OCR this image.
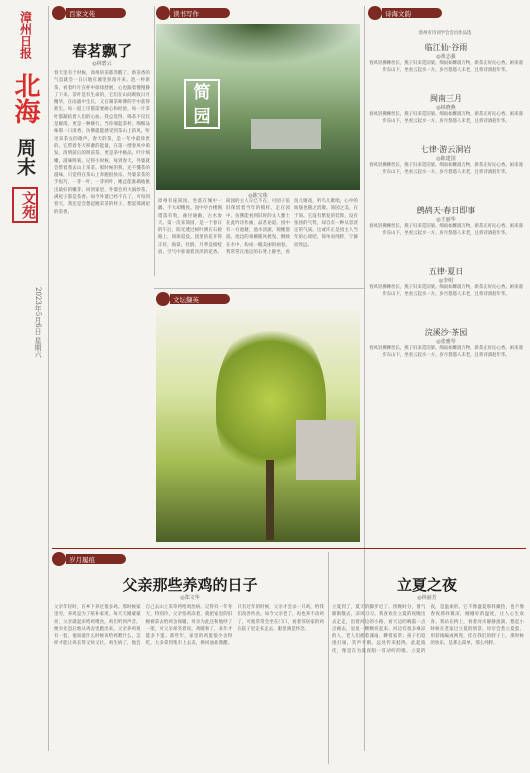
漳州日报
北海
周末
文苑
2023年5月6日 星期六
百家文苑
春茗飘了
◎林碧云
春天里有个时候，漳州的茶都苏醒了，新茶香的气息就会一日日地在城里弥漫开来。泡一杯新茶，看着叶片在杯中徐徐舒展，心也跟着慢慢静了下来。茶叶是有生命的，它们在山间吸收日月精华，在雨露中生长，又在制茶师傅的手中获得新生。每一道工序都需要耐心和经验，每一片茶叶都凝结着人们的心血。我总觉得，喝茶不仅仅是解渴，更是一种修行。当你端起茶杯，细细品味那一口清香，仿佛就能感受到茶山上的风，听见采茶女的歌声。春天的茶，是一年中最珍贵的。它带着冬天积蓄的能量，在第一缕春风中萌发。清明前后的明前茶，更是茶中极品，叶片细嫩，滋味鲜爽。记得小时候，每到春天，外婆就会带着我去山上采茶。那时候的我，还不懂茶的滋味，只觉得在茶山上奔跑很快乐。外婆采茶的手很巧，一芽一叶，一芽两叶，她总能准确地挑出最好的嫩芽。回到家里，外婆会用大锅炒茶，满屋子都是茶香。如今外婆已经不在了，可每到春天，我还是会想起她采茶的样子，想起那满屋的茶香。
读书写作
简 园
◎陈宝珠
漳州有座简园，坐落在城中一隅，不大却精致。园中亭台楼阁错落有致，曲径通幽，古木参天。第一次来简园，是一个春日的午后，阳光透过树叶洒在石板路上，斑斑驳驳。园里的花开得正好，海棠、杜鹃、月季竞相绽放，空气中弥漫着淡淡的花香。简园的主人早已不在，可园子依旧保留着当年的模样。走在园中，仿佛能看到旧时的文人雅士在此吟诗作画，品茗论道。园中有一方池塘，池水清澈，锦鲤悠游。池边的垂柳随风摇曳，倒映在水中，构成一幅美丽的画卷。我常常在池边的石凳上静坐，看鱼儿嬉戏，听鸟儿歌唱，心中的烦恼也随之消散。简园之美，在于简。它没有繁复的装饰，没有张扬的气势，却自有一种从容淡定的气质。这或许正是园主人当年的心境吧，简单而纯粹，宁静而致远。
文坛撷英
诗海文韵
漳州市诗词学会会员作品选
临江仙·谷雨
◎黄志强
春风轻拂柳丝长，燕子归来觅旧梁。细雨如酥润万物，新茶正好沁心香。闲来漫步东山下，坐看云起水一方。岁月悠悠人未老，且将诗酒趁年华。
闽南三月
◎林晓燕
春风轻拂柳丝长，燕子归来觅旧梁。细雨如酥润万物，新茶正好沁心香。闲来漫步东山下，坐看云起水一方。岁月悠悠人未老，且将诗酒趁年华。
七律·游云洞岩
◎陈建国
春风轻拂柳丝长，燕子归来觅旧梁。细雨如酥润万物，新茶正好沁心香。闲来漫步东山下，坐看云起水一方。岁月悠悠人未老，且将诗酒趁年华。
鹧鸪天·春日即事
◎王丽华
春风轻拂柳丝长，燕子归来觅旧梁。细雨如酥润万物，新茶正好沁心香。闲来漫步东山下，坐看云起水一方。岁月悠悠人未老，且将诗酒趁年华。
五律·夏日
◎李明
春风轻拂柳丝长，燕子归来觅旧梁。细雨如酥润万物，新茶正好沁心香。闲来漫步东山下，坐看云起水一方。岁月悠悠人未老，且将诗酒趁年华。
浣溪沙·茶园
◎张雅琴
春风轻拂柳丝长，燕子归来觅旧梁。细雨如酥润万物，新茶正好沁心香。闲来漫步东山下，坐看云起水一方。岁月悠悠人未老，且将诗酒趁年华。
岁月履痕
父亲那些养鸡的日子
◎郑文华
父亲年轻时，在乡下养过很多鸡。那时候家里穷，养鸡是为了贴补家用。每天天刚蒙蒙亮，父亲就起床给鸡喂食，鸡们听到声音，便争先恐后地从鸡舍里跑出来。父亲养鸡很有一套，他知道什么时候该给鸡喂什么，怎样才能让鸡长得又快又壮。鸡生病了，他会自己去山上采草药给鸡治病。记得有一年冬天，特别冷，父亲怕鸡冻着，就把家里的旧棉被拿去给鸡舍保暖。母亲为此还和他吵了一架，可父亲却笑着说，鸡暖和了，来年才能多下蛋。那些年，家里的鸡蛋很少舍得吃，大多拿到集市上去卖，换回油盐酱醋。只有过年的时候，父亲才会杀一只鸡，给我们改善伙食。如今父亲老了，再也养不动鸡了，可他常常会坐在门口，看着邻居家的鸡在院子里走来走去，眼里满是怀念。
立夏之夜
◎林丽芳
立夏到了，夏天的脚步近了。傍晚时分，暑气渐渐散去，凉风习习。我喜欢在立夏的夜晚出去走走，沿着河边的小路，看天边的晚霞一点点褪去，星星一颗颗亮起来。河边有很多乘凉的人，老人们摇着蒲扇，聊着家常；孩子们追逐打闹，笑声不断。远处传来蛙鸣，此起彼伏，像是在为夏夜唱一首动听的歌。立夏的夜，是温柔的。它不像盛夏那样燥热，也不像春夜那样微凉，刚刚好的温度，让人心生欢喜。我站在桥上，看着河水静静流淌，想起小时候在老家过立夏的情景。母亲会煮立夏蛋，用彩线编成网兜，挂在我们的脖子上。那时候的快乐，是那么简单，那么纯粹。
